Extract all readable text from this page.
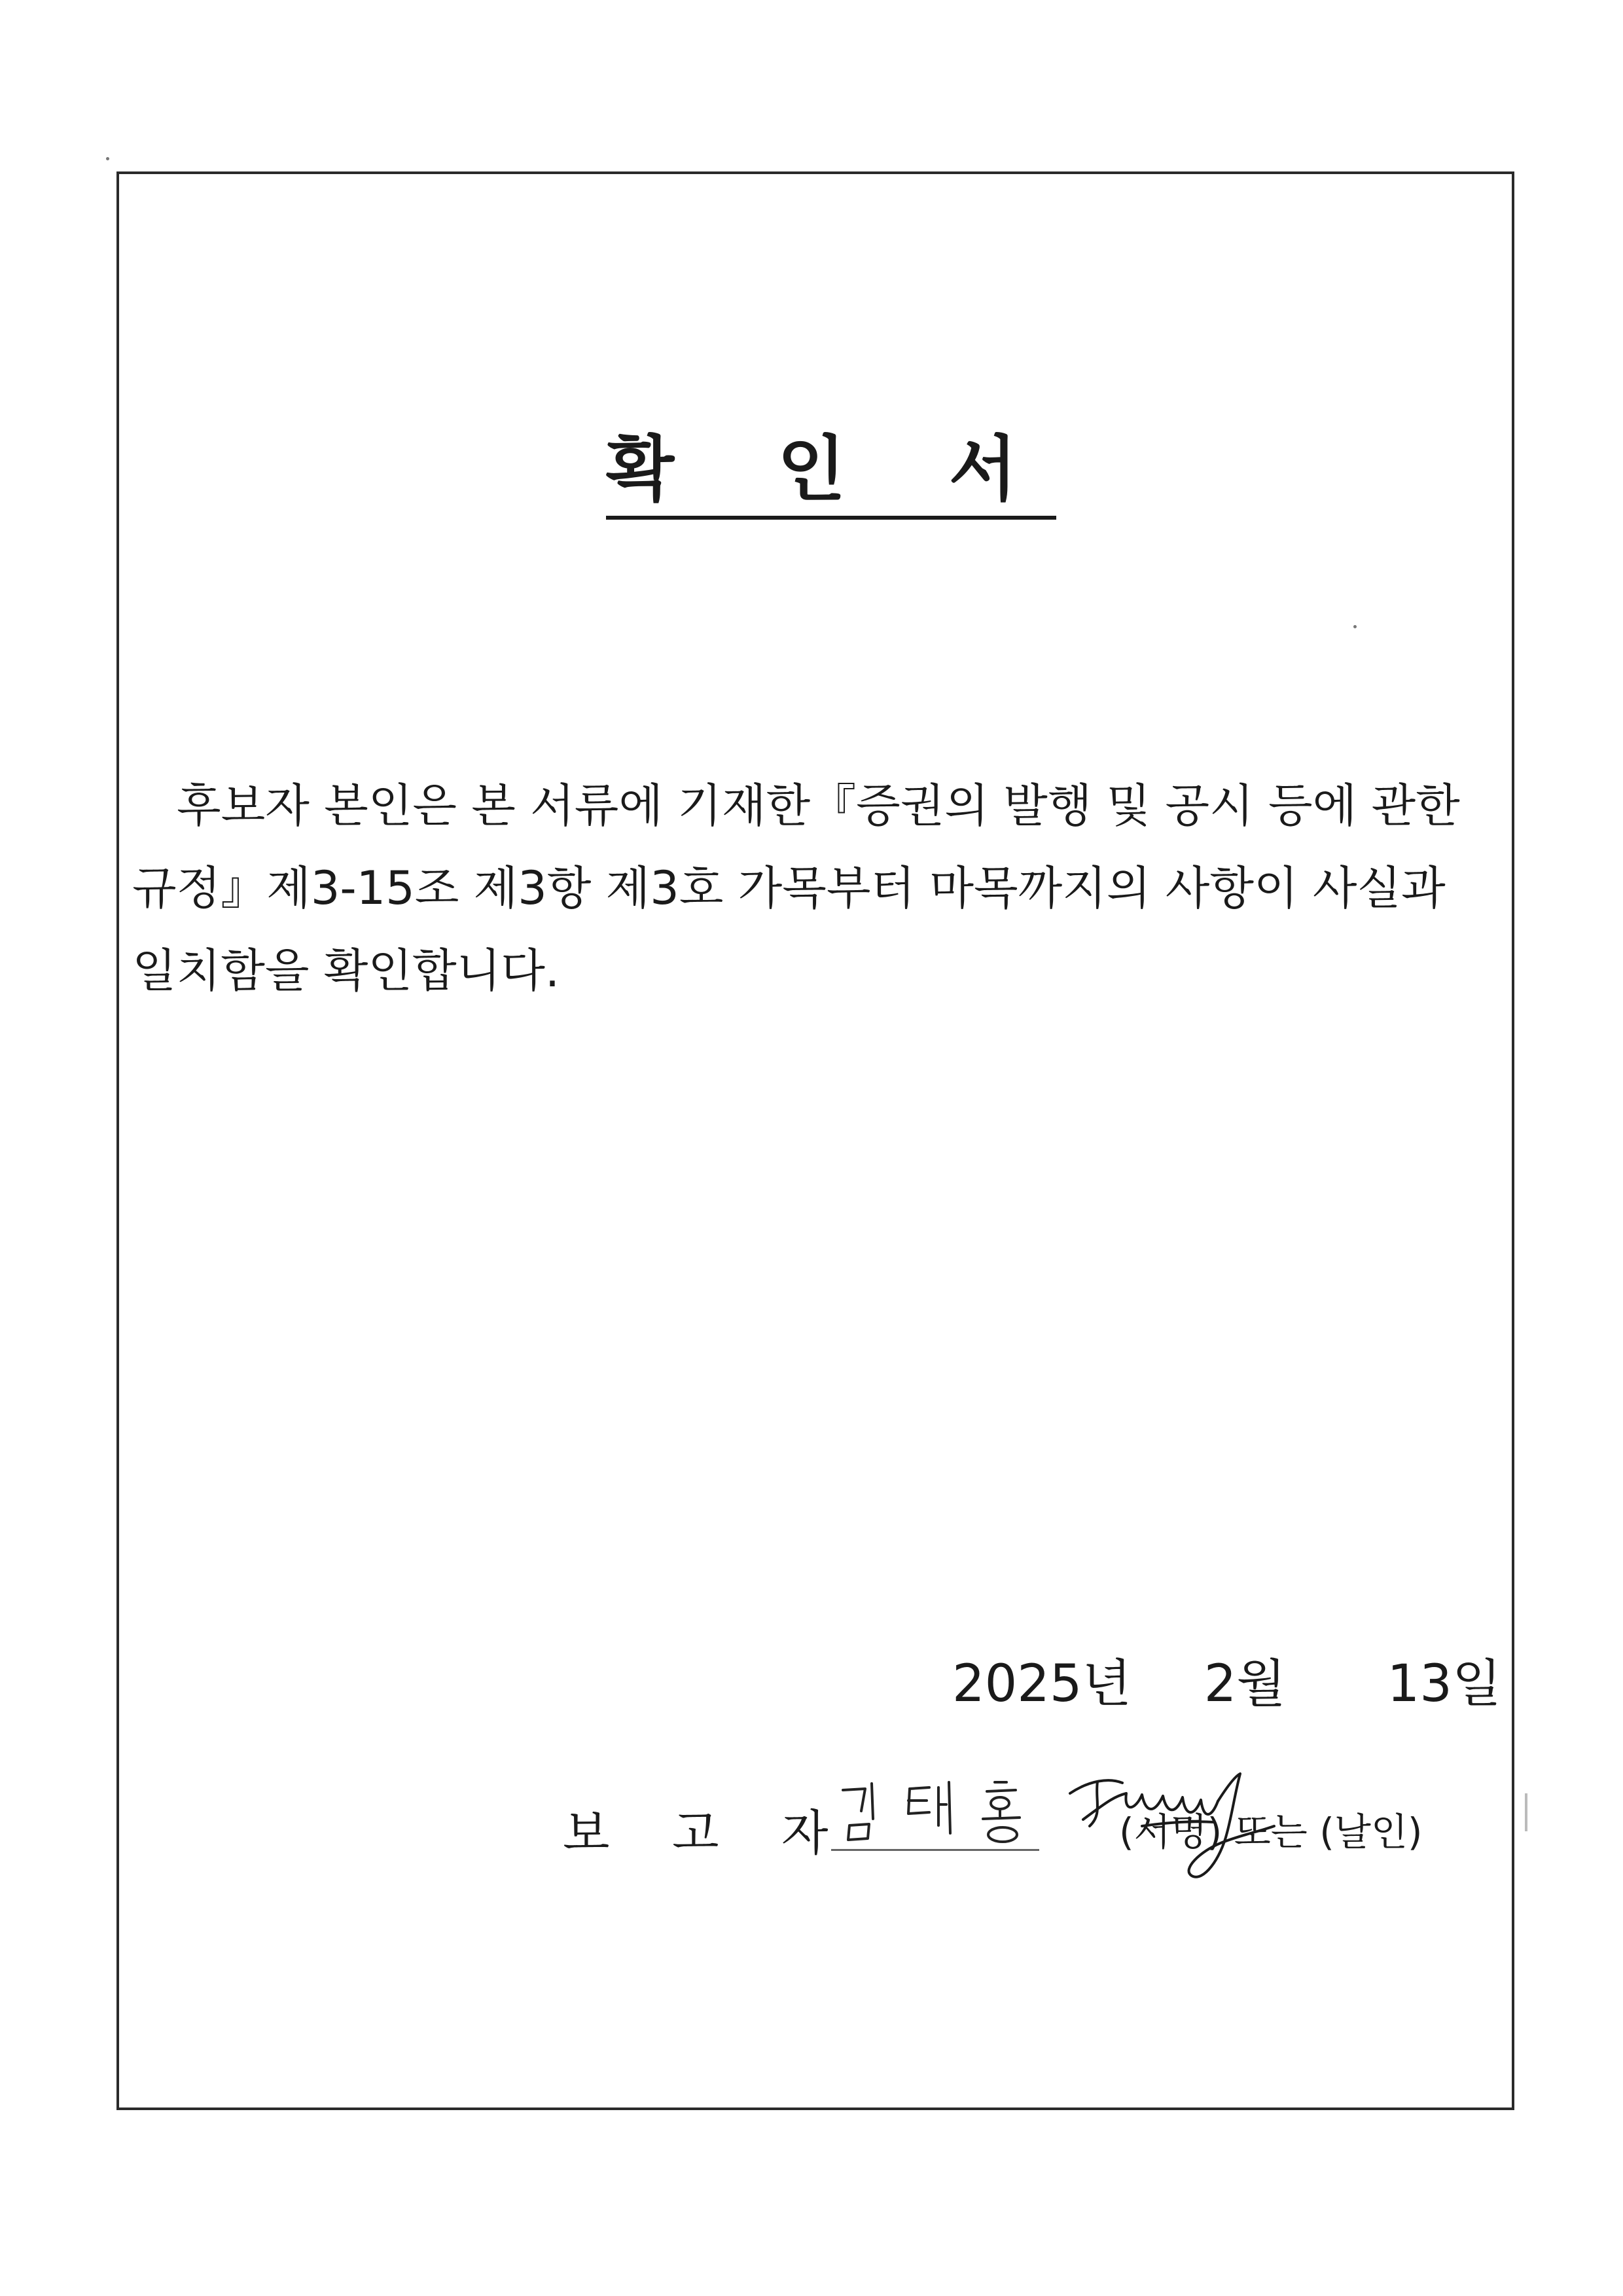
확 인 서

후보자 본인은 본 서류에 기재한『증권의 발행 및 공시 등에 관한

규정』제3-15조 제3항 제3호 가목부터 마목까지의 사항이 사실과

일치함을 확인합니다.

2025년 2월 13일
보 고 자	(서명) 또는 (날인)
